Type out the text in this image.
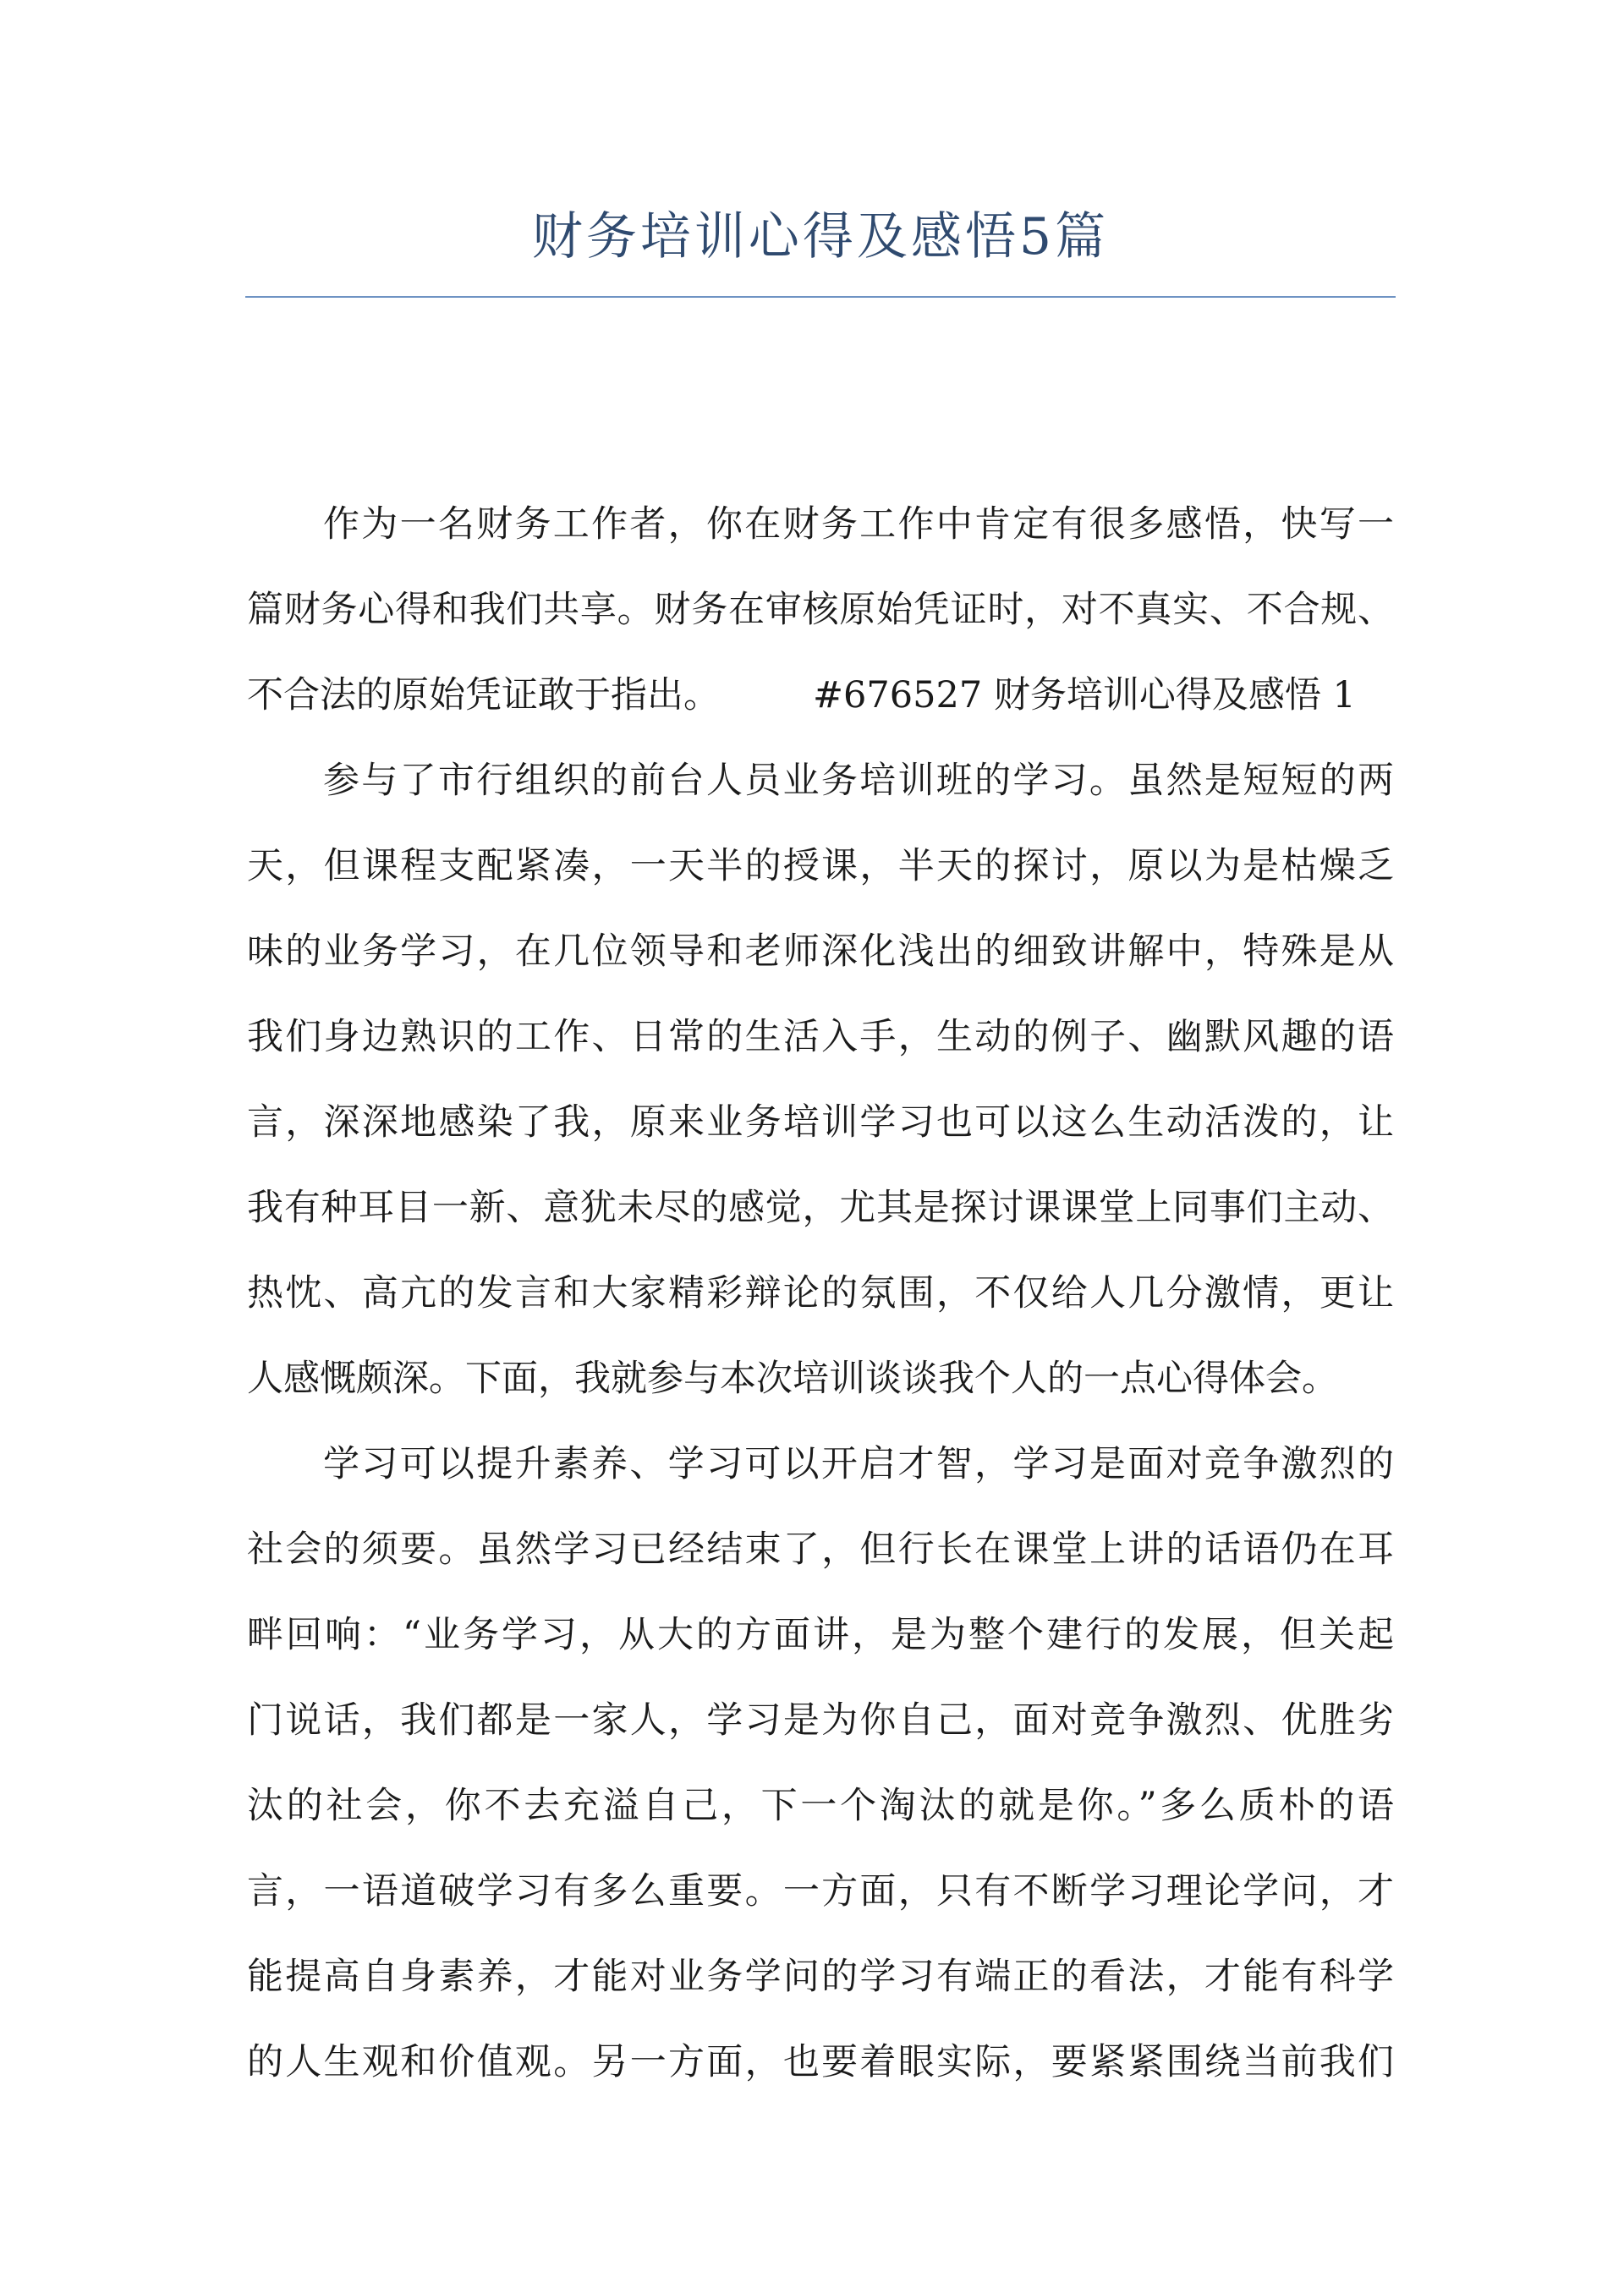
财务培训心得及感悟5篇
作为一名财务工作者，你在财务工作中肯定有很多感悟，快写一
篇财务心得和我们共享。财务在审核原始凭证时，对不真实、不合规、
不合法的原始凭证敢于指出。	#676527 财务培训心得及感悟 1
参与了市行组织的前台人员业务培训班的学习。虽然是短短的两
天，但课程支配紧凑，一天半的授课，半天的探讨，原以为是枯燥乏
味的业务学习，在几位领导和老师深化浅出的细致讲解中，特殊是从
我们身边熟识的工作、日常的生活入手，生动的例子、幽默风趣的语
言，深深地感染了我，原来业务培训学习也可以这么生动活泼的，让
我有种耳目一新、意犹未尽的感觉，尤其是探讨课课堂上同事们主动、
热忱、高亢的发言和大家精彩辩论的氛围，不仅给人几分激情，更让
人感慨颇深。下面，我就参与本次培训谈谈我个人的一点心得体会。
学习可以提升素养、学习可以开启才智，学习是面对竞争激烈的
社会的须要。虽然学习已经结束了，但行长在课堂上讲的话语仍在耳
畔回响：“业务学习，从大的方面讲，是为整个建行的发展，但关起
门说话，我们都是一家人，学习是为你自己，面对竞争激烈、优胜劣
汰的社会，你不去充溢自己，下一个淘汰的就是你。”多么质朴的语
言，一语道破学习有多么重要。一方面，只有不断学习理论学问，才
能提高自身素养，才能对业务学问的学习有端正的看法，才能有科学
的人生观和价值观。另一方面，也要着眼实际，要紧紧围绕当前我们
